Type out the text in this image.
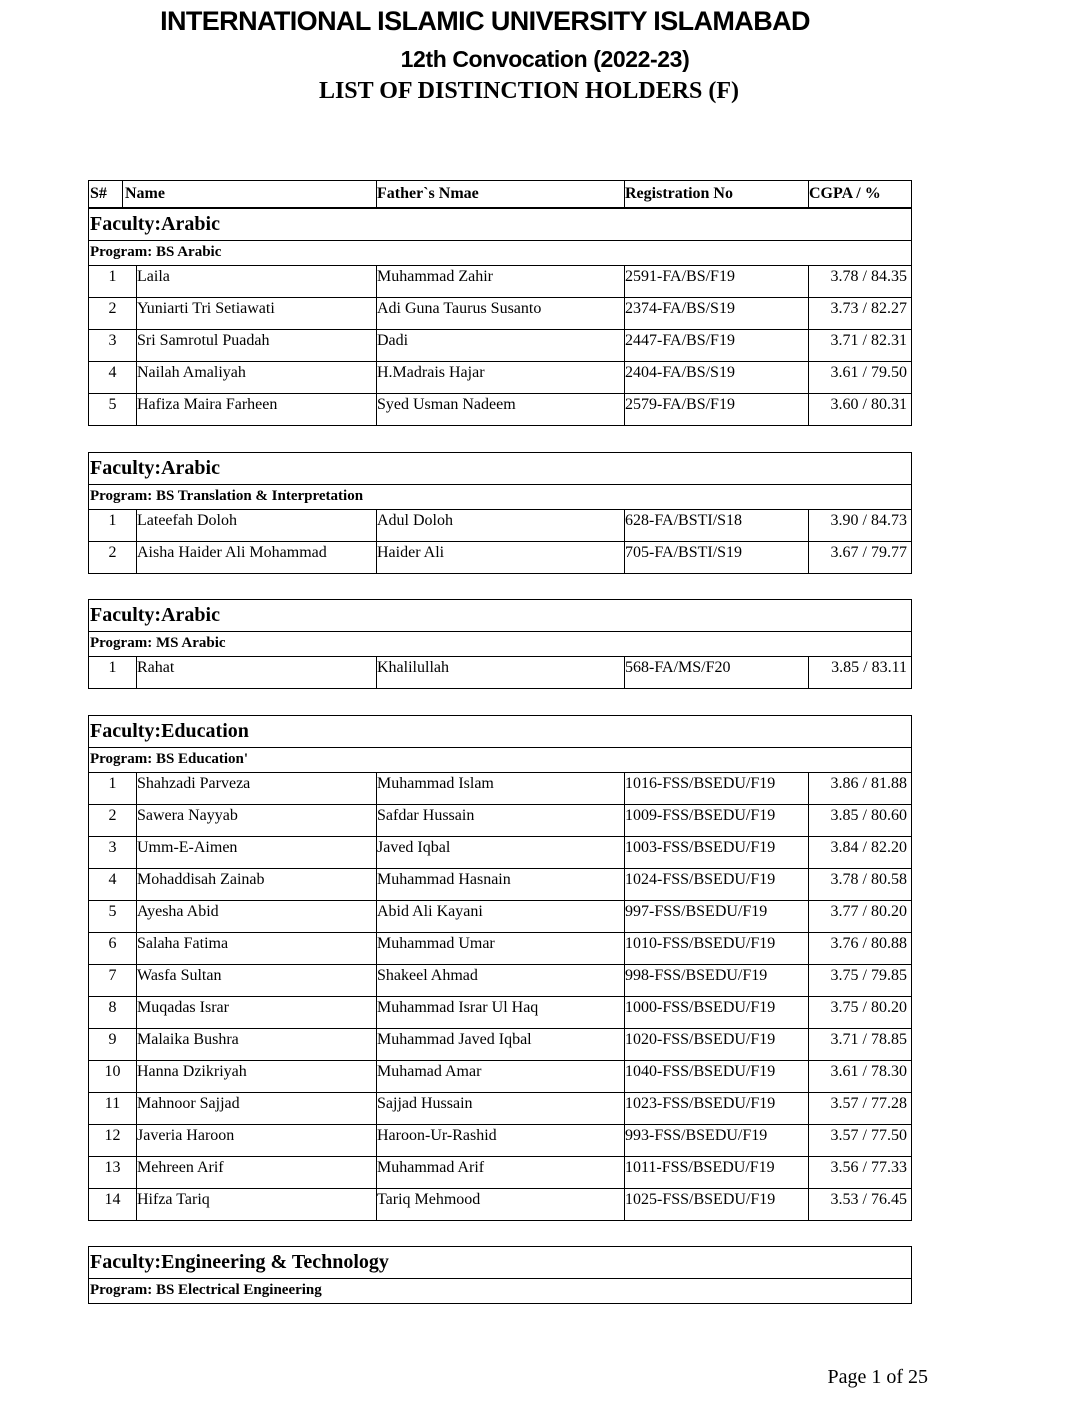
INTERNATIONAL ISLAMIC UNIVERSITY ISLAMABAD
12th Convocation (2022-23)
LIST OF DISTINCTION HOLDERS (F)
S# Name	Father`s Nmae	Registration No	CGPA / %
Faculty:Arabic
Program: BS Arabic
1	Laila	Muhammad Zahir	2591-FA/BS/F19	3.78 / 84.35
2	Yuniarti Tri Setiawati	Adi Guna Taurus Susanto	2374-FA/BS/S19	3.73 / 82.27
3	Sri Samrotul Puadah	Dadi	2447-FA/BS/F19	3.71 / 82.31
4	Nailah Amaliyah	H.Madrais Hajar	2404-FA/BS/S19	3.61 / 79.50
5	Hafiza Maira Farheen	Syed Usman Nadeem	2579-FA/BS/F19	3.60 / 80.31
Faculty:Arabic
Program: BS Translation & Interpretation
1	Lateefah Doloh	Adul Doloh	628-FA/BSTI/S18	3.90 / 84.73
2	Aisha Haider Ali Mohammad	Haider Ali	705-FA/BSTI/S19	3.67 / 79.77
Faculty:Arabic
Program: MS Arabic
1	Rahat	Khalilullah	568-FA/MS/F20	3.85 / 83.11
Faculty:Education
Program: BS Education'
1	Shahzadi Parveza	Muhammad Islam	1016-FSS/BSEDU/F19	3.86 / 81.88
2	Sawera Nayyab	Safdar Hussain	1009-FSS/BSEDU/F19	3.85 / 80.60
3	Umm-E-Aimen	Javed Iqbal	1003-FSS/BSEDU/F19	3.84 / 82.20
4	Mohaddisah Zainab	Muhammad Hasnain	1024-FSS/BSEDU/F19	3.78 / 80.58
5	Ayesha Abid	Abid Ali Kayani	997-FSS/BSEDU/F19	3.77 / 80.20
6	Salaha Fatima	Muhammad Umar	1010-FSS/BSEDU/F19	3.76 / 80.88
7	Wasfa Sultan	Shakeel Ahmad	998-FSS/BSEDU/F19	3.75 / 79.85
8	Muqadas Israr	Muhammad Israr Ul Haq	1000-FSS/BSEDU/F19	3.75 / 80.20
9	Malaika Bushra	Muhammad Javed Iqbal	1020-FSS/BSEDU/F19	3.71 / 78.85
10	Hanna Dzikriyah	Muhamad Amar	1040-FSS/BSEDU/F19	3.61 / 78.30
11	Mahnoor Sajjad	Sajjad Hussain	1023-FSS/BSEDU/F19	3.57 / 77.28
12	Javeria Haroon	Haroon-Ur-Rashid	993-FSS/BSEDU/F19	3.57 / 77.50
13	Mehreen Arif	Muhammad Arif	1011-FSS/BSEDU/F19	3.56 / 77.33
14	Hifza Tariq	Tariq Mehmood	1025-FSS/BSEDU/F19	3.53 / 76.45
Faculty:Engineering & Technology
Program: BS Electrical Engineering
Page 1 of 25
